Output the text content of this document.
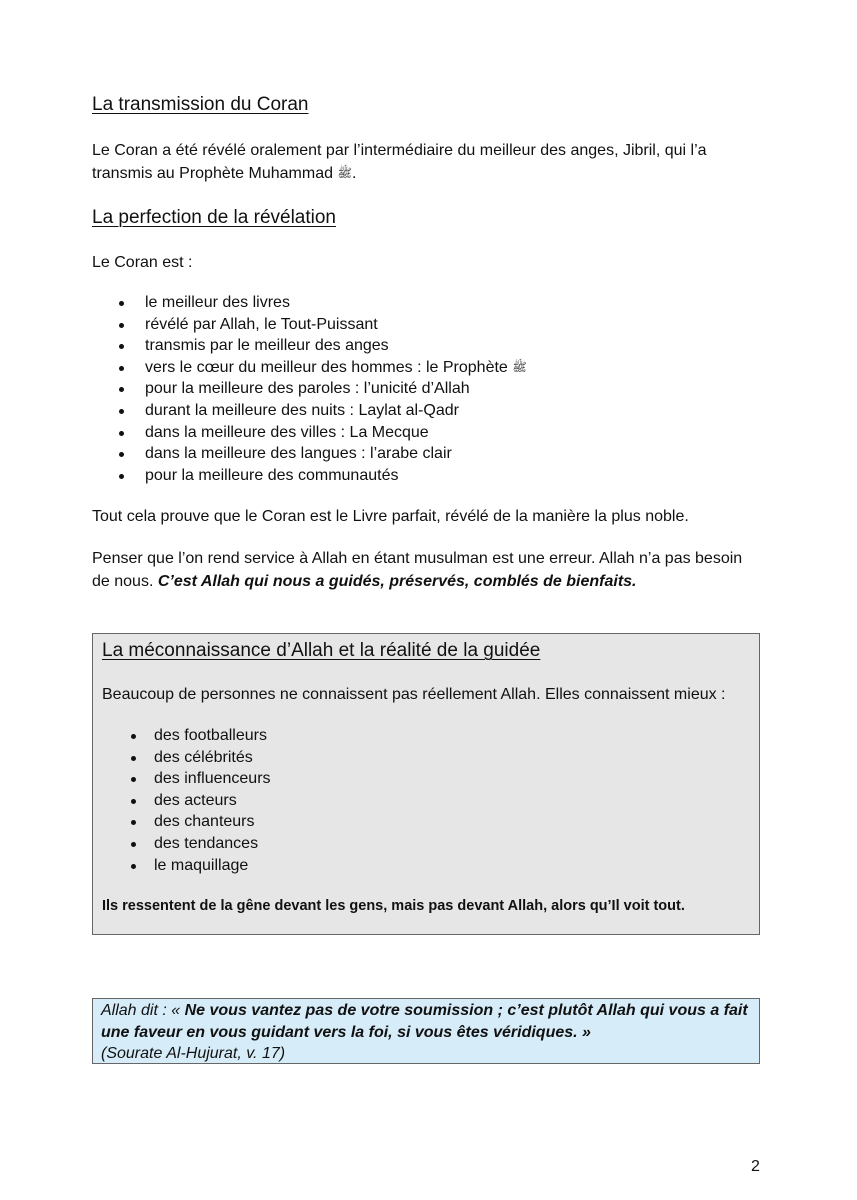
La transmission du Coran

Le Coran a été révélé oralement par l’intermédiaire du meilleur des anges, Jibril, qui l’a transmis au Prophète Muhammad ﷺ.

La perfection de la révélation

Le Coran est :

le meilleur des livres
révélé par Allah, le Tout-Puissant
transmis par le meilleur des anges
vers le cœur du meilleur des hommes : le Prophète ﷺ
pour la meilleure des paroles : l’unicité d’Allah
durant la meilleure des nuits : Laylat al-Qadr
dans la meilleure des villes : La Mecque
dans la meilleure des langues : l’arabe clair
pour la meilleure des communautés

Tout cela prouve que le Coran est le Livre parfait, révélé de la manière la plus noble.

Penser que l’on rend service à Allah en étant musulman est une erreur. Allah n’a pas besoin de nous. C’est Allah qui nous a guidés, préservés, comblés de bienfaits.

La méconnaissance d’Allah et la réalité de la guidée

Beaucoup de personnes ne connaissent pas réellement Allah. Elles connaissent mieux :

des footballeurs
des célébrités
des influenceurs
des acteurs
des chanteurs
des tendances
le maquillage

Ils ressentent de la gêne devant les gens, mais pas devant Allah, alors qu’Il voit tout.

Allah dit : « Ne vous vantez pas de votre soumission ; c’est plutôt Allah qui vous a fait une faveur en vous guidant vers la foi, si vous êtes véridiques. »
(Sourate Al-Hujurat, v. 17)
2
